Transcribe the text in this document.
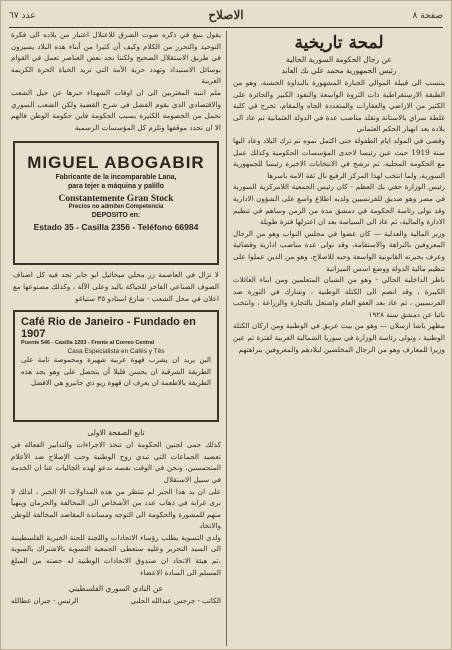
صفحة ٨
الاصلاح
عدد ٦٧

يقول بنبغ في ذكره صوت الشرق للاعتلال اعتبار من بلاده الى فكرة التوحيد والتحرر من الكلام وكيف أن كثيرا من أبناء هذه البلاد يسيرون في طريق الاستقلال الصحيح ولكننا نجد بعض العناصر تعمل في القوام بوسائل الاستبداد وتهدد حرية الأمة التي تريد الحياة الحرة الكريمة العربية

ملم انتبه المغتربين الى ان اوقات الشهداء حبرها عن حيل الشعب والاقتصادي الذي يقوم الفشل في شرح القضية ولكن الشعب السوري تحمل من الخصومة الكثيرة بسبب الحكومة فاين حكومة الوطن فالهم الا ان تحدد موقفها وتلزم كل المؤسسات الرسمية

MIGUEL ABOGABIR
Fabricante de la incomparable Lana,
para tejer a máquina y palillo
Constantemente Gran Stock
Precios no admiten Competencia
DEPOSITO en:
Estado 35 - Casilla 2356 - Teléfono 66984

لا تزال في العاصمة زر محلي ميخائيل ابو جابر تجد فيه كل اصناف الصوف الصناعي الفاخر للحياكة باليد وعلى الآلة ، وكذلك مصنوعها مع اعلان في محل الشعب - شارع استادو ٣٥ ستياغو

Café Rio de Janeiro - Fundado en 1907
Puente 546 - Casilla 1203 - Frente al Correo Central
Casa Especialista en Cafés y Tés

البن يريد ان يشرب قهوة عربية شهيرة ومحموصة تامة على الطريقة الشرقية ان يحسن قليلا أن يتحصل على وهو يجد هذه الطريقة بالاطعمة ان يعرف ان قهوة ريو دي جانيرو هي الافضل

تابع الصفحة الاولى

كذلك حمى لجنين الحكومة ان تتخذ الاجراءات والتدابير الفعالة في تعضيد الجماعات التي تبدي روح الوطنية وحب الإصلاح ضد الأعلام المتحمسين، ونحن في الوقت نفسه ندعو لهذه الجاليات عنا ان الخدمة في سبيل الاستقلال

على ان يد هذا الحبر لم تنتظر من هذه المداولات الا الخير ، لذلك لا نرى غرابة في ذهاب عدد من الأشخاص الى المخالفة والحرمان ويتهيأ منهم للمشورة والحكومة الى التوجه ومساندة المقاصد المخالفة للوطن والاتحاد

ولدى التسوية يطلب رؤساء الاتحادات واللجنة للجنة الخيرية الفلسطينية الى السيد التحرير وعليه ستعطى الجمعية التسوية بالاشتراك بالسوية ،ثم هيئة الاتحاد ان صندوق الاتحادات الوطنية له حصته من المبلغ المسلم الى السادة الاعضاء

عن النادي السوري الفلسطيني
الكاتب - جرجس عبدالله الحلبي
الرئيس - جبران عطالله
لمحة تاريخية
عن رجال الحكومة السورية الحالية
رئيس الجمهورية محمد علي بك العابد

ينتسب الى قبيلة الموالي الجبارة المشهورة بالبداوة الخشنة، وهو من الطبقة الارستقراطية ذات الثروة الواسعة والنفوذ الكبير والحائزة على الكثير من الاراضي والعقارات والمتعددة الجاه والمقام، تخرج في كلية غلطة سراي بالاستانة وتقلد مناصب عدة في الدولة العثمانية ثم عاد الى بلاده بعد انهيار الحكم العثماني

وقضى في المولد ايام الطفولة حتى اكتمل نموه ثم ترك البلاد وعاد اليها سنة 1919 حيث عين رئيسا لاحدى المؤسسات الحكومية وكذلك عمل مع الحكومة المحلية، ثم ترشح في الانتخابات الاخيرة رئيسا للجمهورية السورية، ولما انتخب لهذا المركز الرفيع نال ثقة الامة باسرها

رئيس الوزارة حقي بك العظم - كان رئيس الجمعية اللامركزية السورية في مصر وهو صديق للفرنسيين ولديه اطلاع واسع على الشؤون الادارية وقد تولى رئاسة الحكومة في دمشق مدة من الزمن وساهم في تنظيم الادارة والمالية، ثم عاد الى السياسة بعد ان اعتزلها فترة طويلة

وزير المالية والعدلية — كان عضوا في مجلس النواب وهو من الرجال المعروفين بالنزاهة والاستقامة، وقد تولى عدة مناصب ادارية وقضائية وعرف بخبرته القانونية الواسعة وحبه للاصلاح، وهو من الذين عملوا على تنظيم مالية الدولة ووضع اسس الميزانية

ناظر الداخلية الحالي - وهو من الشبان المتعلمين ومن ابناء العائلات الكبيرة ، وقد انضم الى الكتلة الوطنية ، وشارك في الثورة ضد الفرنسيين ، ثم عاد بعد العفو العام واشتغل بالتجارة والزراعة ، وانتخب نائبا عن دمشق سنة ١٩٢٨

مظهر باشا ارسلان — وهو من بيت عريق في الوطنية ومن اركان الكتلة الوطنية ، وتولى رئاسة الوزارة في سوريا الشمالية الغربية لفترة ثم عين وزيرا للمعارف وهو من الرجال المخلصين لبلادهم والمعروفين بنزاهتهم
